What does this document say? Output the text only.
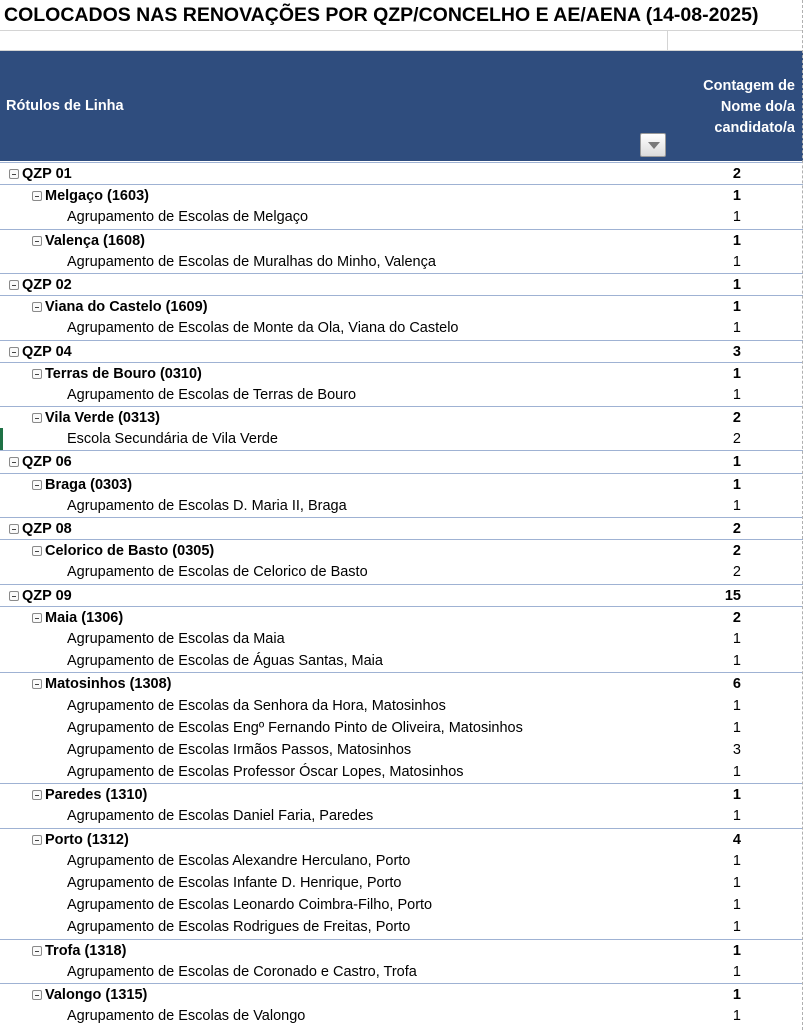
COLOCADOS NAS RENOVAÇÕES POR QZP/CONCELHO E AE/AENA (14-08-2025)
Rótulos de Linha
Contagem de
Nome do/a
candidato/a
QZP 01	2
Melgaço (1603)	1
Agrupamento de Escolas de Melgaço	1
Valença (1608)	1
Agrupamento de Escolas de Muralhas do Minho, Valença	1
QZP 02	1
Viana do Castelo (1609)	1
Agrupamento de Escolas de Monte da Ola, Viana do Castelo	1
QZP 04	3
Terras de Bouro (0310)	1
Agrupamento de Escolas de Terras de Bouro	1
Vila Verde (0313)	2
Escola Secundária de Vila Verde	2
QZP 06	1
Braga (0303)	1
Agrupamento de Escolas D. Maria II, Braga	1
QZP 08	2
Celorico de Basto (0305)	2
Agrupamento de Escolas de Celorico de Basto	2
QZP 09	15
Maia (1306)	2
Agrupamento de Escolas da Maia	1
Agrupamento de Escolas de Águas Santas, Maia	1
Matosinhos (1308)	6
Agrupamento de Escolas da Senhora da Hora, Matosinhos	1
Agrupamento de Escolas Engº Fernando Pinto de Oliveira, Matosinhos	1
Agrupamento de Escolas Irmãos Passos, Matosinhos	3
Agrupamento de Escolas Professor Óscar Lopes, Matosinhos	1
Paredes (1310)	1
Agrupamento de Escolas Daniel Faria, Paredes	1
Porto (1312)	4
Agrupamento de Escolas Alexandre Herculano, Porto	1
Agrupamento de Escolas Infante D. Henrique, Porto	1
Agrupamento de Escolas Leonardo Coimbra-Filho, Porto	1
Agrupamento de Escolas Rodrigues de Freitas, Porto	1
Trofa (1318)	1
Agrupamento de Escolas de Coronado e Castro, Trofa	1
Valongo (1315)	1
Agrupamento de Escolas de Valongo	1
